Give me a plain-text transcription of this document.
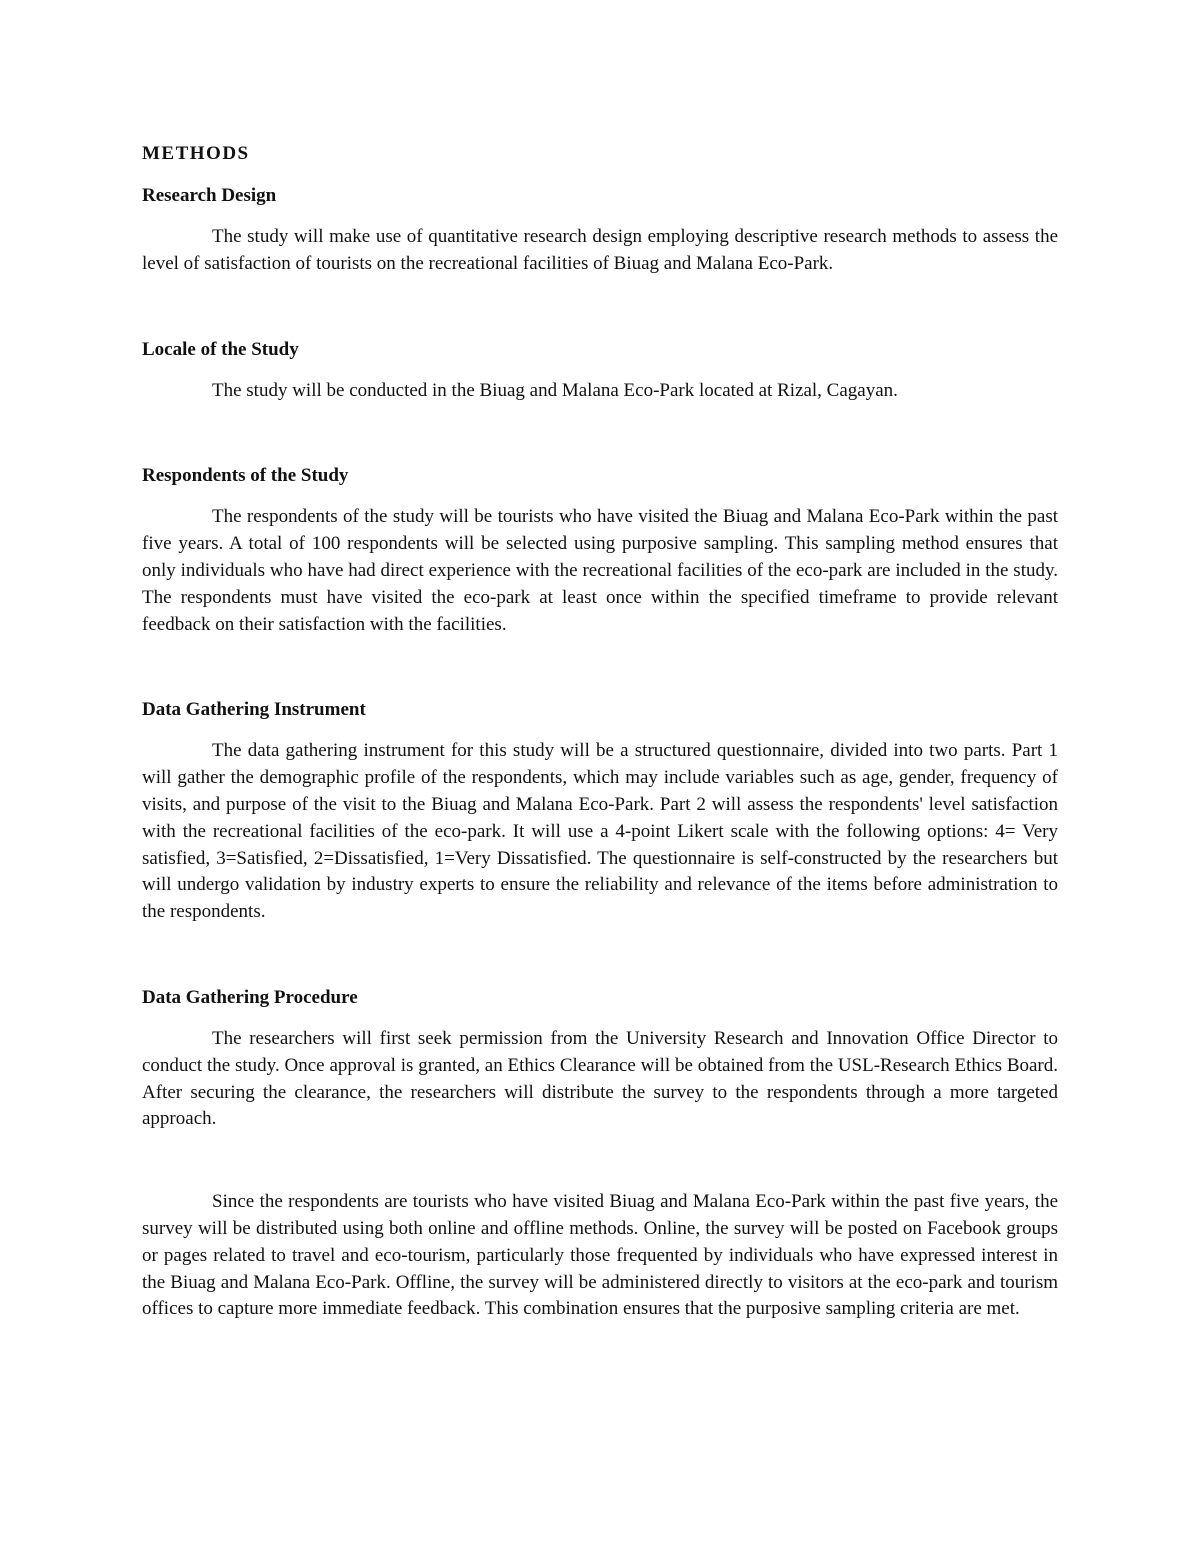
METHODS
Research Design

The study will make use of quantitative research design employing descriptive research methods to assess the level of satisfaction of tourists on the recreational facilities of Biuag and Malana Eco-Park.

Locale of the Study

The study will be conducted in the Biuag and Malana Eco-Park located at Rizal, Cagayan.

Respondents of the Study

The respondents of the study will be tourists who have visited the Biuag and Malana Eco-Park within the past five years. A total of 100 respondents will be selected using purposive sampling. This sampling method ensures that only individuals who have had direct experience with the recreational facilities of the eco-park are included in the study. The respondents must have visited the eco-park at least once within the specified timeframe to provide relevant feedback on their satisfaction with the facilities.

Data Gathering Instrument

The data gathering instrument for this study will be a structured questionnaire, divided into two parts. Part 1 will gather the demographic profile of the respondents, which may include variables such as age, gender, frequency of visits, and purpose of the visit to the Biuag and Malana Eco-Park. Part 2 will assess the respondents' level satisfaction with the recreational facilities of the eco-park. It will use a 4-point Likert scale with the following options: 4= Very satisfied, 3=Satisfied, 2=Dissatisfied, 1=Very Dissatisfied. The questionnaire is self-constructed by the researchers but will undergo validation by industry experts to ensure the reliability and relevance of the items before administration to the respondents.

Data Gathering Procedure

The researchers will first seek permission from the University Research and Innovation Office Director to conduct the study. Once approval is granted, an Ethics Clearance will be obtained from the USL-Research Ethics Board. After securing the clearance, the researchers will distribute the survey to the respondents through a more targeted approach.

Since the respondents are tourists who have visited Biuag and Malana Eco-Park within the past five years, the survey will be distributed using both online and offline methods. Online, the survey will be posted on Facebook groups or pages related to travel and eco-tourism, particularly those frequented by individuals who have expressed interest in the Biuag and Malana Eco-Park. Offline, the survey will be administered directly to visitors at the eco-park and tourism offices to capture more immediate feedback. This combination ensures that the purposive sampling criteria are met.
